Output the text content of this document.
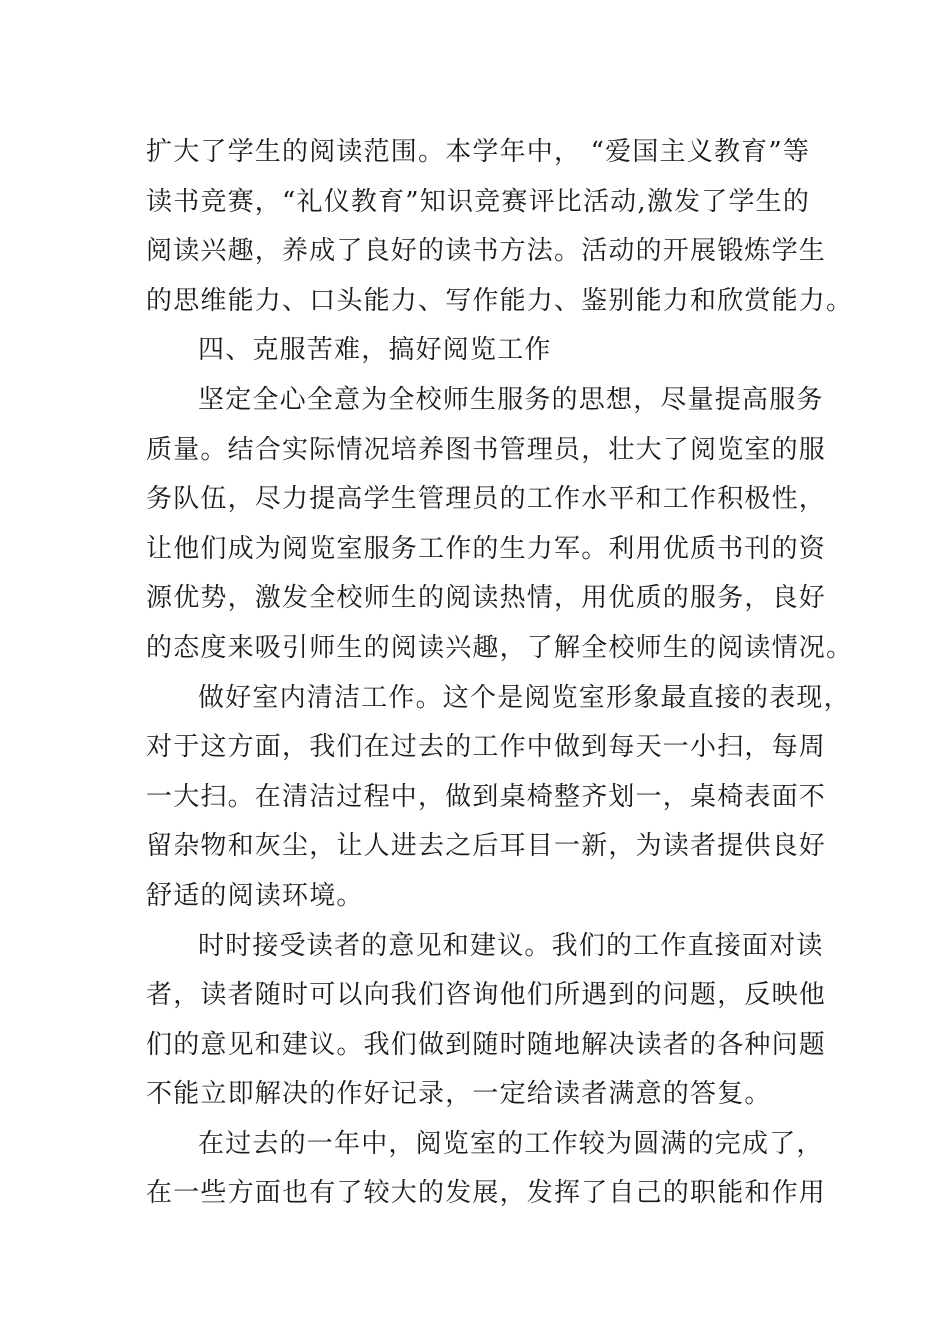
扩大了学生的阅读范围。本学年中， “爱国主义教育”等
读书竞赛，“礼仪教育”知识竞赛评比活动,激发了学生的
阅读兴趣，养成了良好的读书方法。活动的开展锻炼学生
的思维能力、口头能力、写作能力、鉴别能力和欣赏能力。
四、克服苦难，搞好阅览工作
坚定全心全意为全校师生服务的思想，尽量提高服务
质量。结合实际情况培养图书管理员，壮大了阅览室的服
务队伍，尽力提高学生管理员的工作水平和工作积极性，
让他们成为阅览室服务工作的生力军。利用优质书刊的资
源优势，激发全校师生的阅读热情，用优质的服务，良好
的态度来吸引师生的阅读兴趣，了解全校师生的阅读情况。
做好室内清洁工作。这个是阅览室形象最直接的表现，
对于这方面，我们在过去的工作中做到每天一小扫，每周
一大扫。在清洁过程中，做到桌椅整齐划一，桌椅表面不
留杂物和灰尘，让人进去之后耳目一新，为读者提供良好
舒适的阅读环境。
时时接受读者的意见和建议。我们的工作直接面对读
者，读者随时可以向我们咨询他们所遇到的问题，反映他
们的意见和建议。我们做到随时随地解决读者的各种问题
不能立即解决的作好记录，一定给读者满意的答复。
在过去的一年中，阅览室的工作较为圆满的完成了，
在一些方面也有了较大的发展，发挥了自己的职能和作用
